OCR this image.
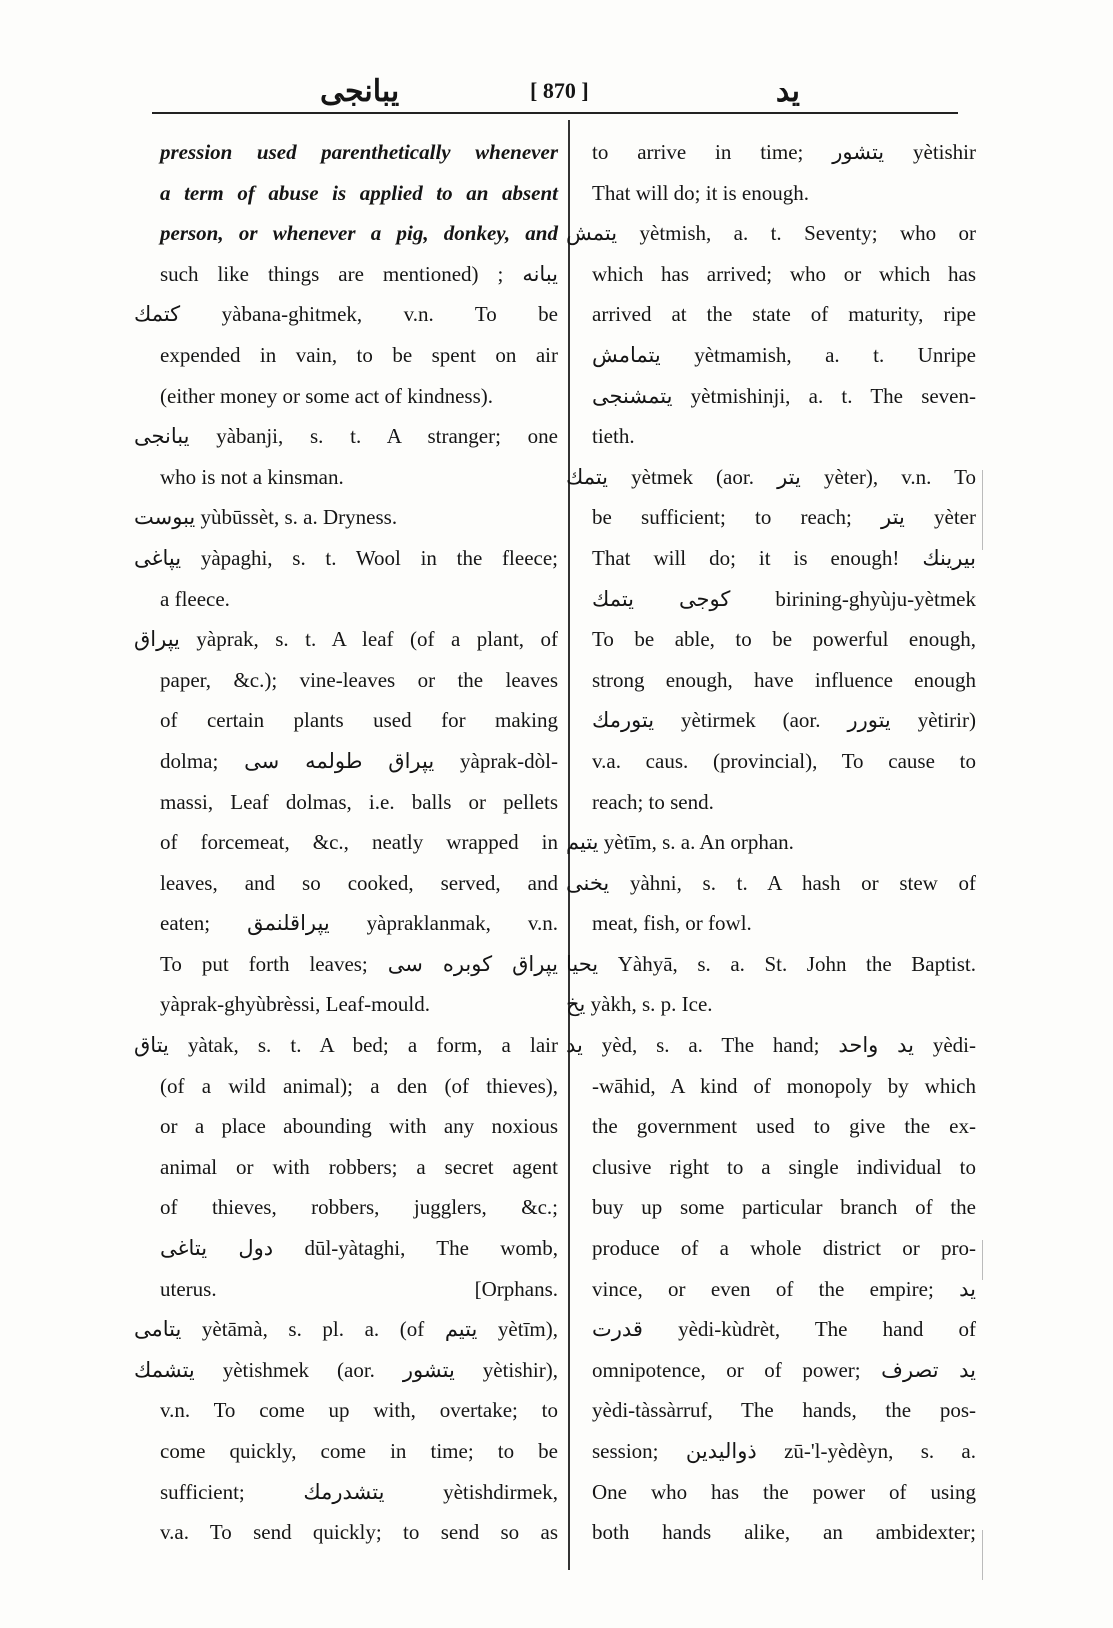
يبانجى	[ 870 ]	يد
pression used parenthetically whenever
a term of abuse is applied to an absent
person, or whenever a pig, donkey, and
such like things are mentioned) ; يبانه
كتمك yàbana-ghitmek, v.n. To be
expended in vain, to be spent on air
(either money or some act of kindness).
يبانجى yàbanji, s. t. A stranger; one
who is not a kinsman.
يبوست yùbūssèt, s. a. Dryness.
يپاغى yàpaghi, s. t. Wool in the fleece;
a fleece.
يپراق yàprak, s. t. A leaf (of a plant, of
paper, &c.); vine-leaves or the leaves
of certain plants used for making
dolma; يپراق طولمه سى yàprak-dòl-
massi, Leaf dolmas, i.e. balls or pellets
of forcemeat, &c., neatly wrapped in
leaves, and so cooked, served, and
eaten; يپراقلنمق yàpraklanmak, v.n.
To put forth leaves; يپراق كوبره سى
yàprak-ghyùbrèssi, Leaf-mould.
يتاق yàtak, s. t. A bed; a form, a lair
(of a wild animal); a den (of thieves),
or a place abounding with any noxious
animal or with robbers; a secret agent
of thieves, robbers, jugglers, &c.;
دول يتاغى dūl-yàtaghi, The womb,
uterus. [Orphans.
يتامى yètāmà, s. pl. a. (of يتيم yètīm),
يتشمك yètishmek (aor. يتشور yètishir),
v.n. To come up with, overtake; to
come quickly, come in time; to be
sufficient; يتشدرمك yètishdirmek,
v.a. To send quickly; to send so as
to arrive in time; يتشور yètishir
That will do; it is enough.
يتمش yètmish, a. t. Seventy; who or
which has arrived; who or which has
arrived at the state of maturity, ripe
يتمامش yètmamish, a. t. Unripe
يتمشنجى yètmishinji, a. t. The seven-
tieth.
يتمك yètmek (aor. يتر yèter), v.n. To
be sufficient; to reach; يتر yèter
That will do; it is enough! بيرينك
كوجى يتمك birining-ghyùju-yètmek
To be able, to be powerful enough,
strong enough, have influence enough
يتورمك yètirmek (aor. يتورر yètirir)
v.a. caus. (provincial), To cause to
reach; to send.
يتيم yètīm, s. a. An orphan.
يخنى yàhni, s. t. A hash or stew of
meat, fish, or fowl.
يحيا Yàhyā, s. a. St. John the Baptist.
يخ yàkh, s. p. Ice.
يد yèd, s. a. The hand; يد واحد yèdi-
-wāhid, A kind of monopoly by which
the government used to give the ex-
clusive right to a single individual to
buy up some particular branch of the
produce of a whole district or pro-
vince, or even of the empire; يد
قدرت yèdi-kùdrèt, The hand of
omnipotence, or of power; يد تصرف
yèdi-tàssàrruf, The hands, the pos-
session; ذواليدين zū-'l-yèdèyn, s. a.
One who has the power of using
both hands alike, an ambidexter;
